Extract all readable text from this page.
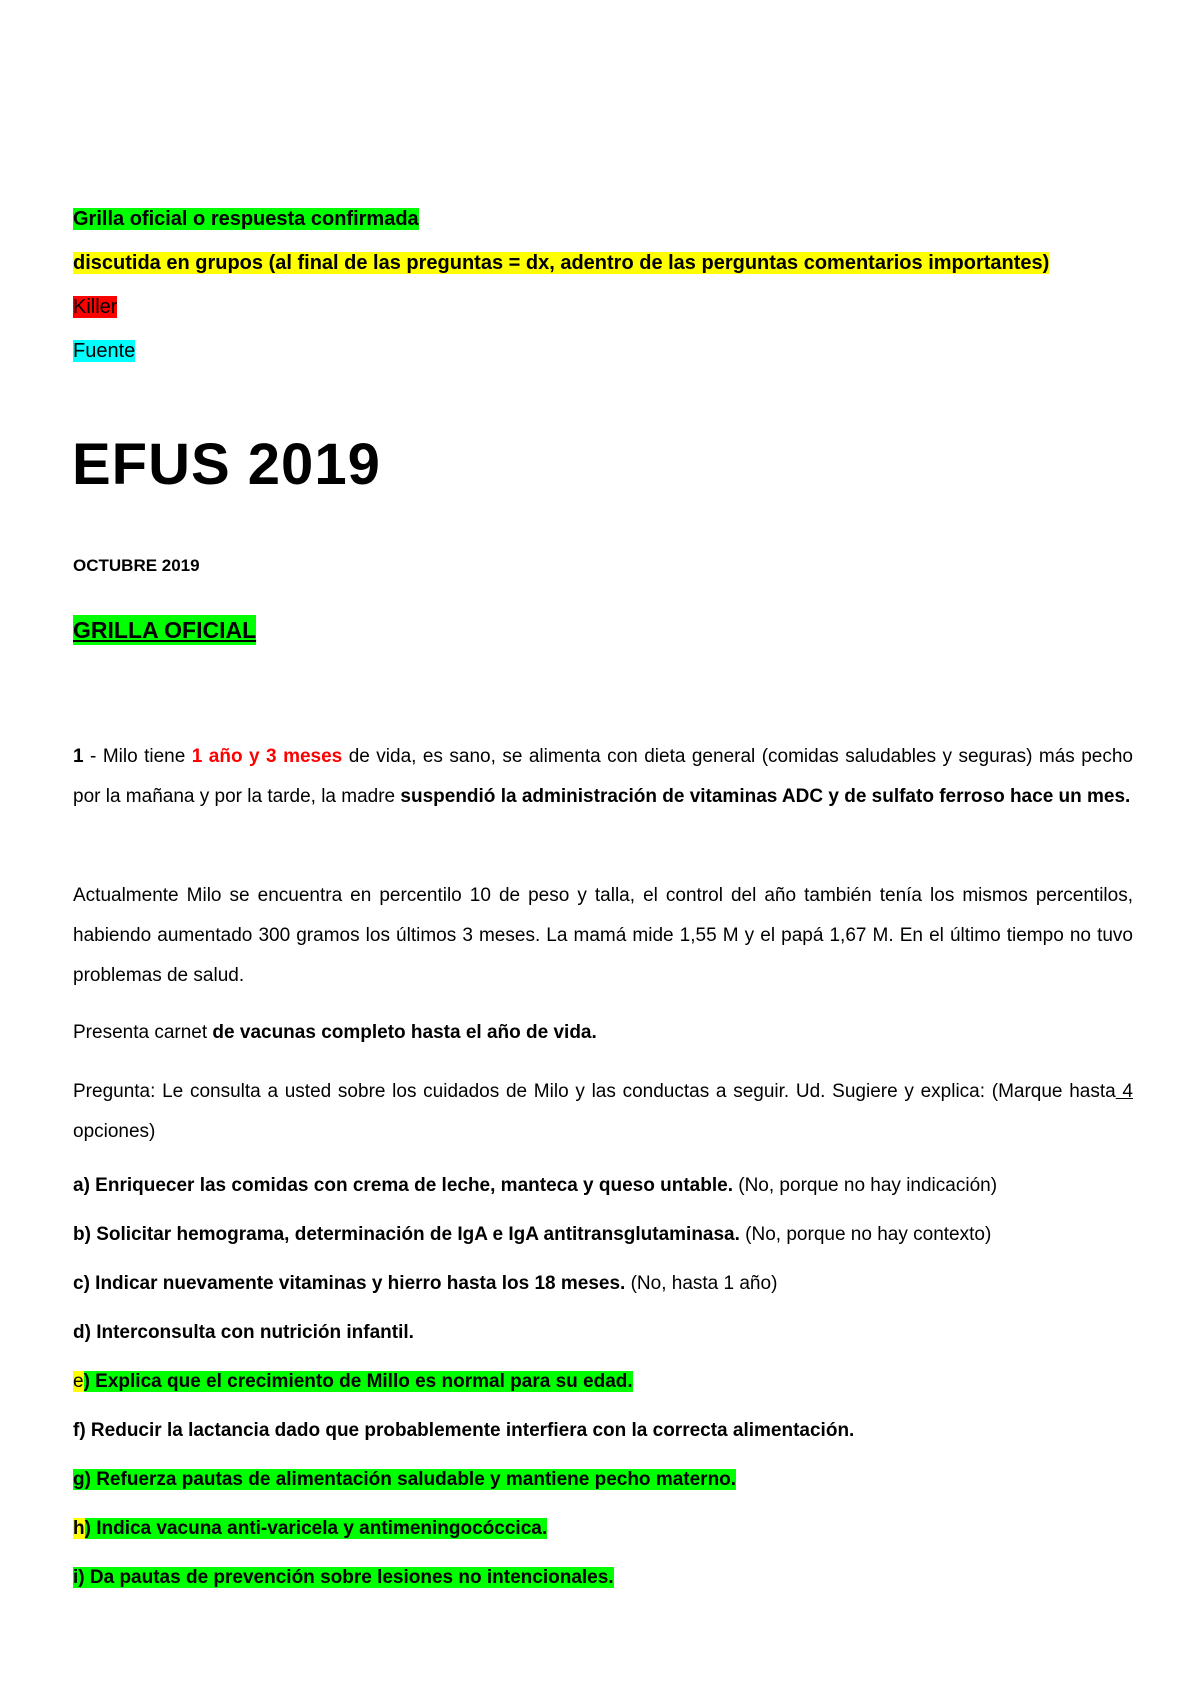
Grilla oficial o respuesta confirmada
discutida en grupos (al final de las preguntas = dx, adentro de las perguntas comentarios importantes)
Killer
Fuente
EFUS 2019
OCTUBRE 2019
GRILLA OFICIAL
1 - Milo tiene 1 año y 3 meses de vida, es sano, se alimenta con dieta general (comidas saludables y seguras) más pecho por la mañana y por la tarde, la madre suspendió la administración de vitaminas ADC y de sulfato ferroso hace un mes.
Actualmente Milo se encuentra en percentilo 10 de peso y talla, el control del año también tenía los mismos percentilos, habiendo aumentado 300 gramos los últimos 3 meses. La mamá mide 1,55 M y el papá 1,67 M. En el último tiempo no tuvo problemas de salud.
Presenta carnet de vacunas completo hasta el año de vida.
Pregunta: Le consulta a usted sobre los cuidados de Milo y las conductas a seguir. Ud. Sugiere y explica: (Marque hasta 4 opciones)
a) Enriquecer las comidas con crema de leche, manteca y queso untable. (No, porque no hay indicación)
b) Solicitar hemograma, determinación de IgA e IgA antitransglutaminasa. (No, porque no hay contexto)
c) Indicar nuevamente vitaminas y hierro hasta los 18 meses. (No, hasta 1 año)
d) Interconsulta con nutrición infantil.
e) Explica que el crecimiento de Millo es normal para su edad.
f) Reducir la lactancia dado que probablemente interfiera con la correcta alimentación.
g) Refuerza pautas de alimentación saludable y mantiene pecho materno.
h) Indica vacuna anti-varicela y antimeningocóccica.
i) Da pautas de prevención sobre lesiones no intencionales.
